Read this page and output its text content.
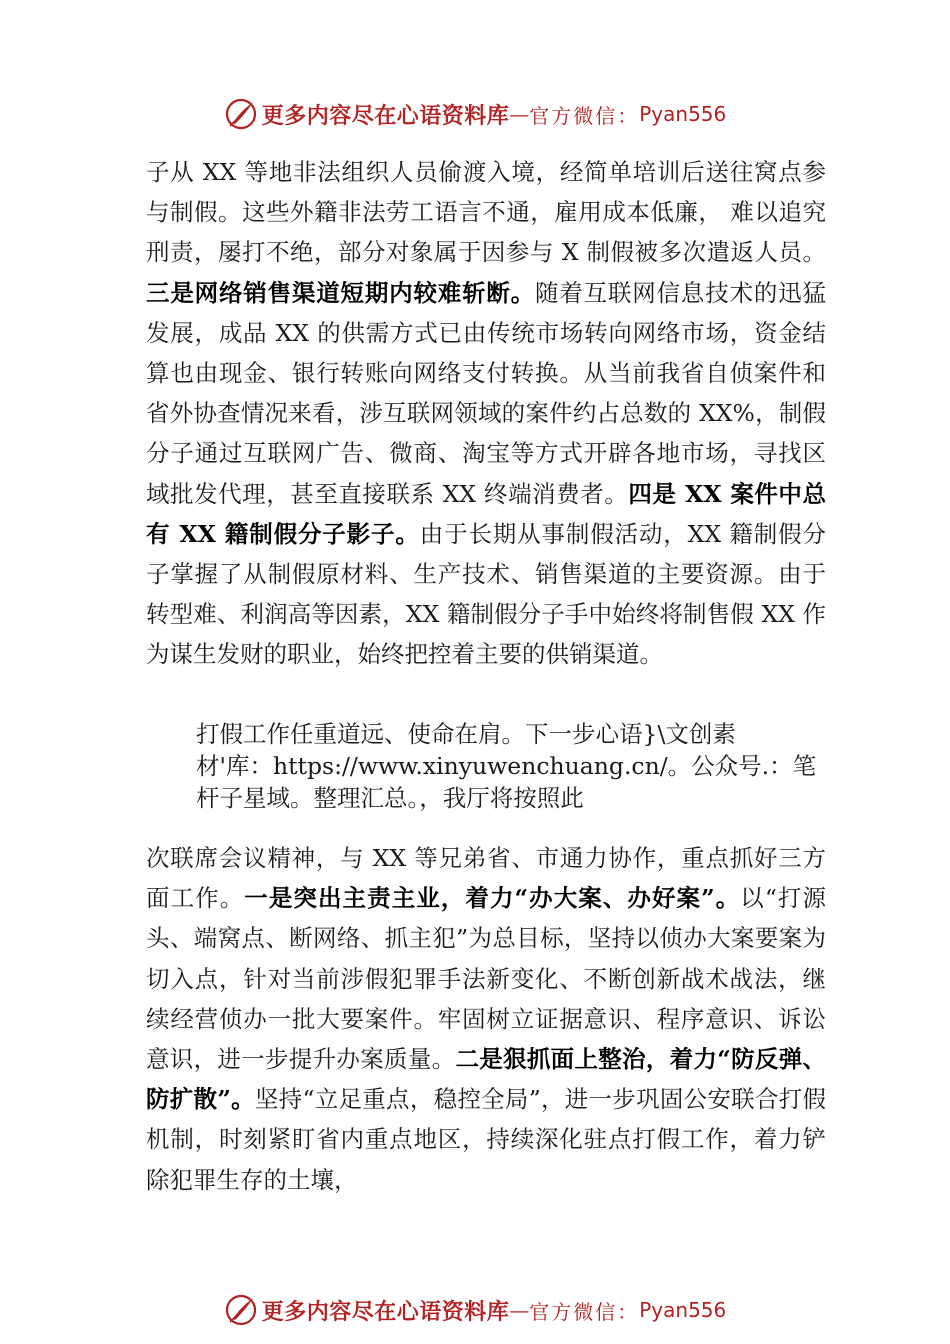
更多内容尽在心语资料库 — 官方微信： Pyan556
子从 XX 等地非法组织人员偷渡入境，经简单培训后送往窝点参与制假。这些外籍非法劳工语言不通，雇用成本低廉， 难以追究刑责，屡打不绝，部分对象属于因参与 X 制假被多次遣返人员。三是网络销售渠道短期内较难斩断。随着互联网信息技术的迅猛发展，成品 XX 的供需方式已由传统市场转向网络市场，资金结算也由现金、银行转账向网络支付转换。从当前我省自侦案件和省外协查情况来看，涉互联网领域的案件约占总数的 XX%，制假分子通过互联网广告、微商、淘宝等方式开辟各地市场，寻找区域批发代理，甚至直接联系 XX 终端消费者。四是 XX 案件中总有 XX 籍制假分子影子。由于长期从事制假活动，XX 籍制假分子掌握了从制假原材料、生产技术、销售渠道的主要资源。由于转型难、利润高等因素，XX 籍制假分子手中始终将制售假 XX 作为谋生发财的职业，始终把控着主要的供销渠道。
打假工作任重道远、使命在肩。下一步心语}\文创素
材'库：https://www.xinyuwenchuang.cn/。公众号.：笔
杆子星域。整理汇总。，我厅将按照此
次联席会议精神，与 XX 等兄弟省、市通力协作，重点抓好三方面工作。一是突出主责主业，着力“办大案、办好案”。以“打源头、端窝点、断网络、抓主犯”为总目标，坚持以侦办大案要案为切入点，针对当前涉假犯罪手法新变化、不断创新战术战法，继续经营侦办一批大要案件。牢固树立证据意识、程序意识、诉讼意识，进一步提升办案质量。二是狠抓面上整治，着力“防反弹、防扩散”。坚持“立足重点，稳控全局”，进一步巩固公安联合打假机制，时刻紧盯省内重点地区，持续深化驻点打假工作，着力铲除犯罪生存的土壤，
更多内容尽在心语资料库 — 官方微信： Pyan556
